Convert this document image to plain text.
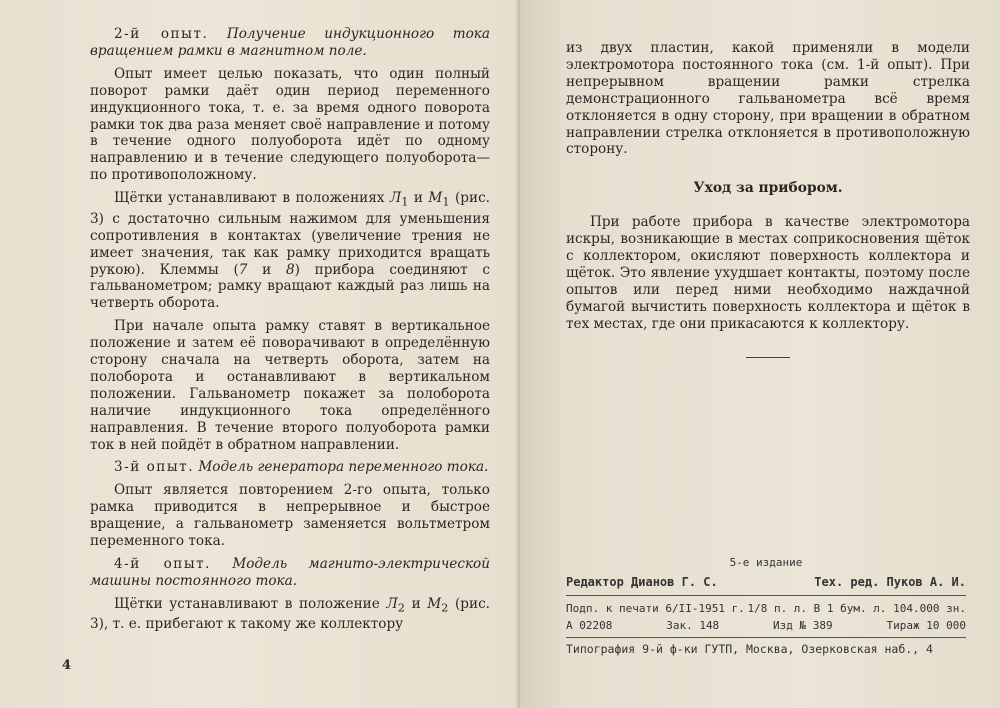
2-й опыт. Получение индукционного тока вращением рамки в магнитном поле.

Опыт имеет целью показать, что один полный поворот рамки даёт один период переменного индукционного тока, т. е. за время одного поворота рамки ток два раза меняет своё направление и потому в течение одного полуоборота идёт по одному направлению и в течение следующего полуоборота—по противоположному.

Щётки устанавливают в положениях $Л_1$ и $М_1$ (рис. 3) с достаточно сильным нажимом для уменьшения сопротивления в контактах (увеличение трения не имеет значения, так как рамку приходится вращать рукою). Клеммы (7 и 8) прибора соединяют с гальванометром; рамку вращают каждый раз лишь на четверть оборота.

При начале опыта рамку ставят в вертикальное положение и затем её поворачивают в определённую сторону сначала на четверть оборота, затем на полоборота и останавливают в вертикальном положении. Гальванометр покажет за полоборота наличие индукционного тока определённого направления. В течение второго полуоборота рамки ток в ней пойдёт в обратном направлении.

3-й опыт. Модель генератора переменного тока.

Опыт является повторением 2-го опыта, только рамка приводится в непрерывное и быстрое вращение, а гальванометр заменяется вольтметром переменного тока.

4-й опыт. Модель магнито-электрической машины постоянного тока.

Щётки устанавливают в положение $Л_2$ и $М_2$ (рис. 3), т. е. прибегают к такому же коллектору

4

из двух пластин, какой применяли в модели электромотора постоянного тока (см. 1-й опыт). При непрерывном вращении рамки стрелка демонстрационного гальванометра всё время отклоняется в одну сторону, при вращении в обратном направлении стрелка отклоняется в противоположную сторону.

Уход за прибором.

При работе прибора в качестве электромотора искры, возникающие в местах соприкосновения щёток с коллектором, окисляют поверхность коллектора и щёток. Это явление ухудшает контакты, поэтому после опытов или перед ними необходимо наждачной бумагой вычистить поверхность коллектора и щёток в тех местах, где они прикасаются к коллектору.

5-е издание
Редактор Дианов Г. С.	Тех. ред. Пуков А. И.
Подп. к печати 6/II-1951 г. 1/8 п. л. В 1 бум. л. 104.000 зн.
А 02208	Зак. 148	Изд № 389	Тираж 10 000
Типография 9-й ф-ки ГУТП, Москва, Озерковская наб., 4
